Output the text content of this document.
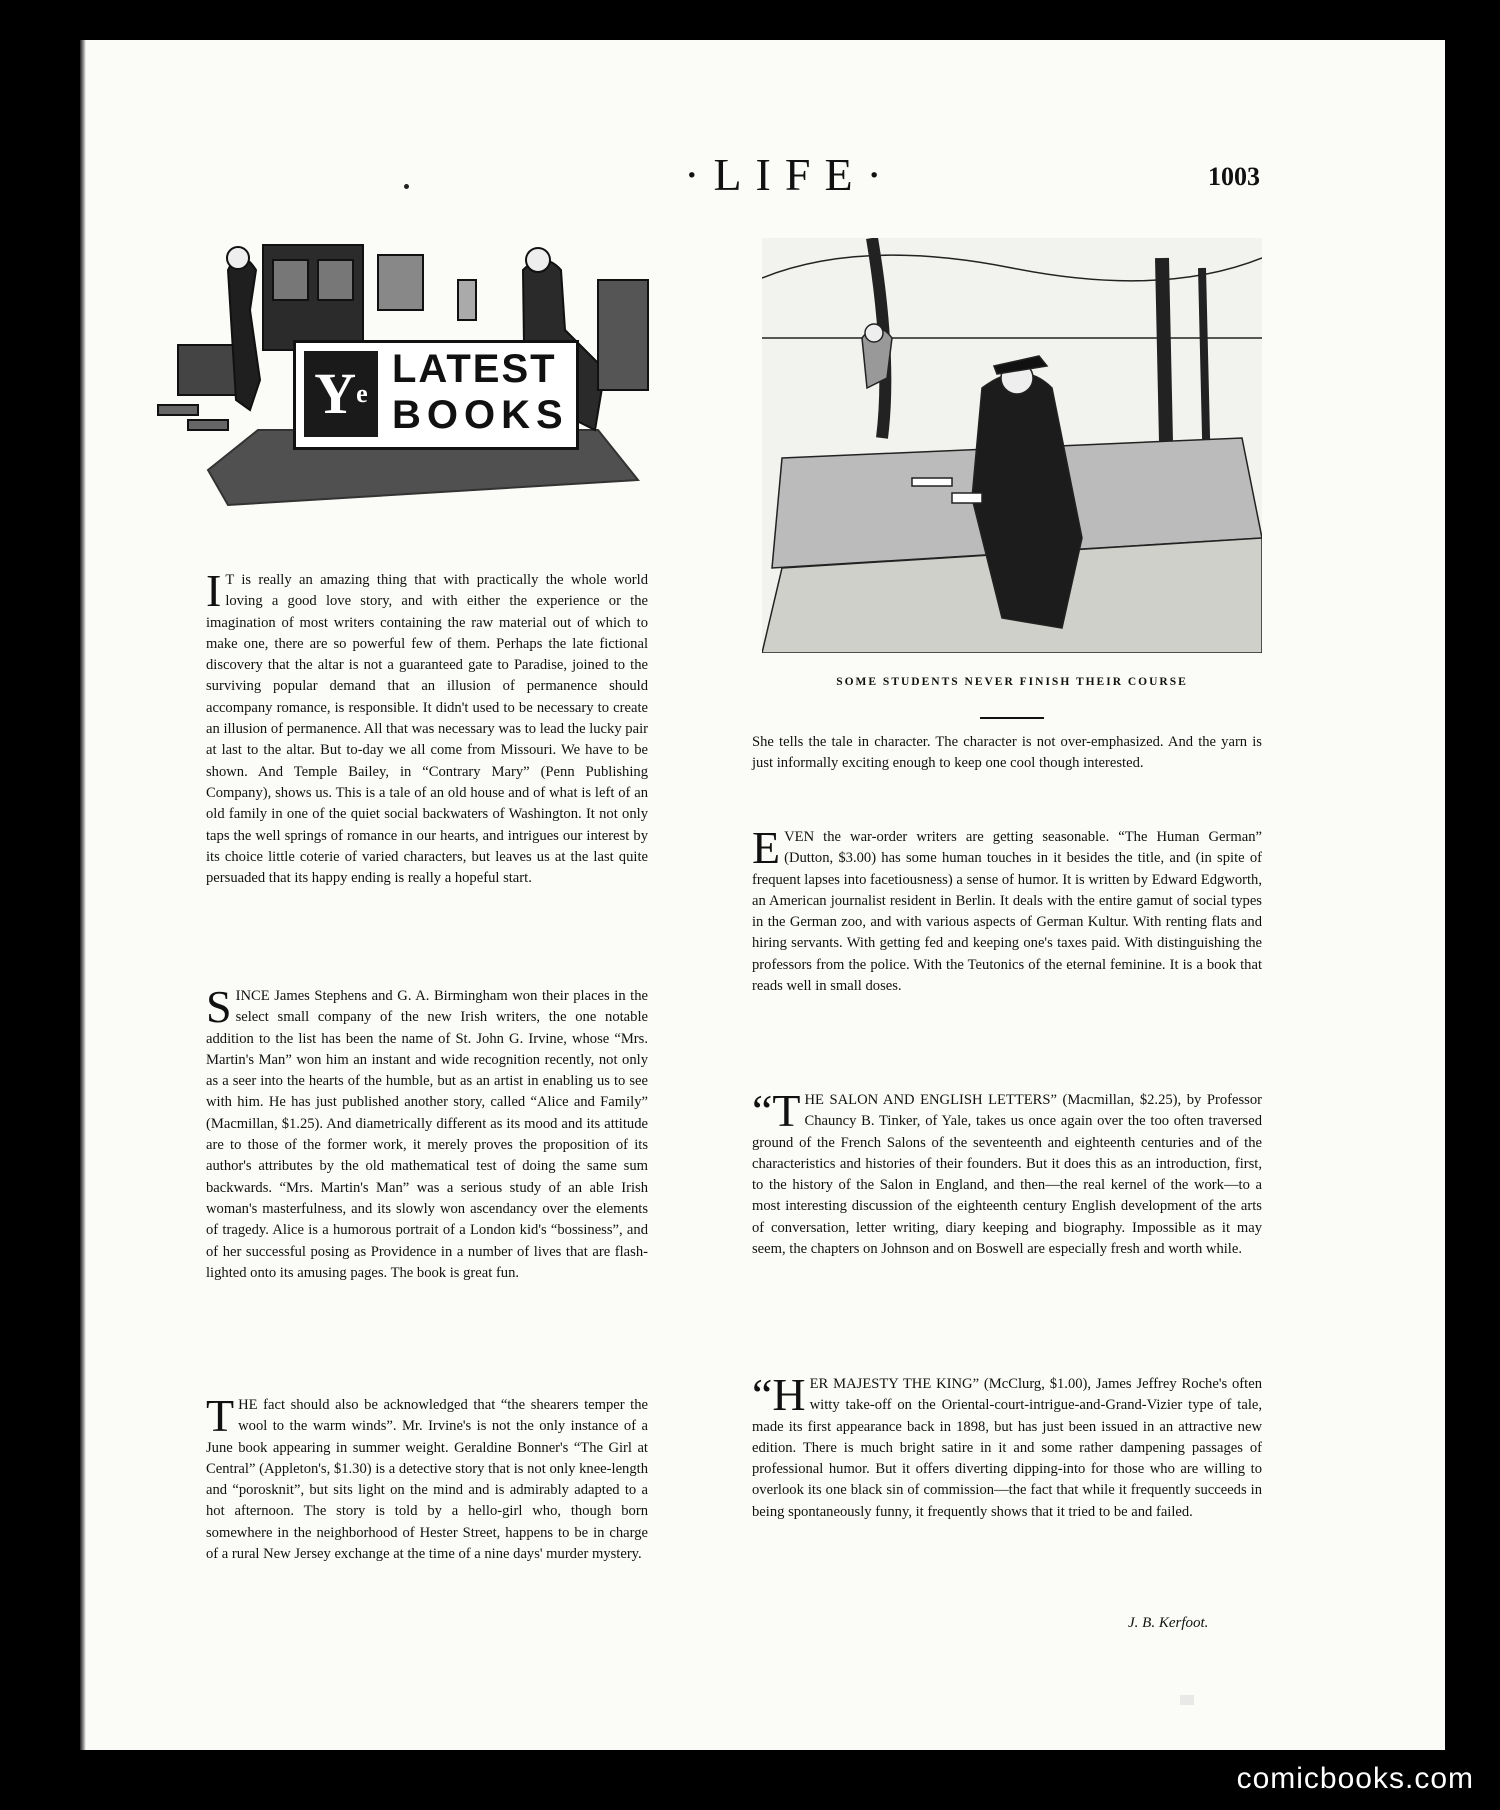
·LIFE·	1003
$Y^e$
LATEST
BOOKS
SOME STUDENTS NEVER FINISH THEIR COURSE

I T is really an amazing thing that with practically the whole world loving a good love story, and with either the experience or the imagination of most writers containing the raw material out of which to make one, there are so powerful few of them. Perhaps the late fictional discovery that the altar is not a guaranteed gate to Paradise, joined to the surviving popular demand that an illusion of permanence should accompany romance, is responsible. It didn't used to be necessary to create an illusion of permanence. All that was necessary was to lead the lucky pair at last to the altar. But to-day we all come from Missouri. We have to be shown. And Temple Bailey, in “Contrary Mary” (Penn Publishing Company), shows us. This is a tale of an old house and of what is left of an old family in one of the quiet social backwaters of Washington. It not only taps the well springs of romance in our hearts, and intrigues our interest by its choice little coterie of varied characters, but leaves us at the last quite persuaded that its happy ending is really a hopeful start.

SINCE James Stephens and G. A. Birmingham won their places in the select small company of the new Irish writers, the one notable addition to the list has been the name of St. John G. Irvine, whose “Mrs. Martin's Man” won him an instant and wide recognition recently, not only as a seer into the hearts of the humble, but as an artist in enabling us to see with him. He has just published another story, called “Alice and Family” (Macmillan, $1.25). And diametrically different as its mood and its attitude are to those of the former work, it merely proves the proposition of its author's attributes by the old mathematical test of doing the same sum backwards. “Mrs. Martin's Man” was a serious study of an able Irish woman's masterfulness, and its slowly won ascendancy over the elements of tragedy. Alice is a humorous portrait of a London kid's “bossiness”, and of her successful posing as Providence in a number of lives that are flash-lighted onto its amusing pages. The book is great fun.

THE fact should also be acknowledged that “the shearers temper the wool to the warm winds”. Mr. Irvine's is not the only instance of a June book appearing in summer weight. Geraldine Bonner's “The Girl at Central” (Appleton's, $1.30) is a detective story that is not only knee-length and “porosknit”, but sits light on the mind and is admirably adapted to a hot afternoon. The story is told by a hello-girl who, though born somewhere in the neighborhood of Hester Street, happens to be in charge of a rural New Jersey exchange at the time of a nine days' murder mystery.

She tells the tale in character. The character is not over-emphasized. And the yarn is just informally exciting enough to keep one cool though interested.

EVEN the war-order writers are getting seasonable. “The Human German” (Dutton, $3.00) has some human touches in it besides the title, and (in spite of frequent lapses into facetiousness) a sense of humor. It is written by Edward Edgworth, an American journalist resident in Berlin. It deals with the entire gamut of social types in the German zoo, and with various aspects of German Kultur. With renting flats and hiring servants. With getting fed and keeping one's taxes paid. With distinguishing the professors from the police. With the Teutonics of the eternal feminine. It is a book that reads well in small doses.

“THE SALON AND ENGLISH LETTERS” (Macmillan, $2.25), by Professor Chauncy B. Tinker, of Yale, takes us once again over the too often traversed ground of the French Salons of the seventeenth and eighteenth centuries and of the characteristics and histories of their founders. But it does this as an introduction, first, to the history of the Salon in England, and then—the real kernel of the work—to a most interesting discussion of the eighteenth century English development of the arts of conversation, letter writing, diary keeping and biography. Impossible as it may seem, the chapters on Johnson and on Boswell are especially fresh and worth while.

“HER MAJESTY THE KING” (McClurg, $1.00), James Jeffrey Roche's often witty take-off on the Oriental-court-intrigue-and-Grand-Vizier type of tale, made its first appearance back in 1898, but has just been issued in an attractive new edition. There is much bright satire in it and some rather dampening passages of professional humor. But it offers diverting dipping-into for those who are willing to overlook its one black sin of commission—the fact that while it frequently succeeds in being spontaneously funny, it frequently shows that it tried to be and failed.

J. B. Kerfoot.
comicbooks.com
